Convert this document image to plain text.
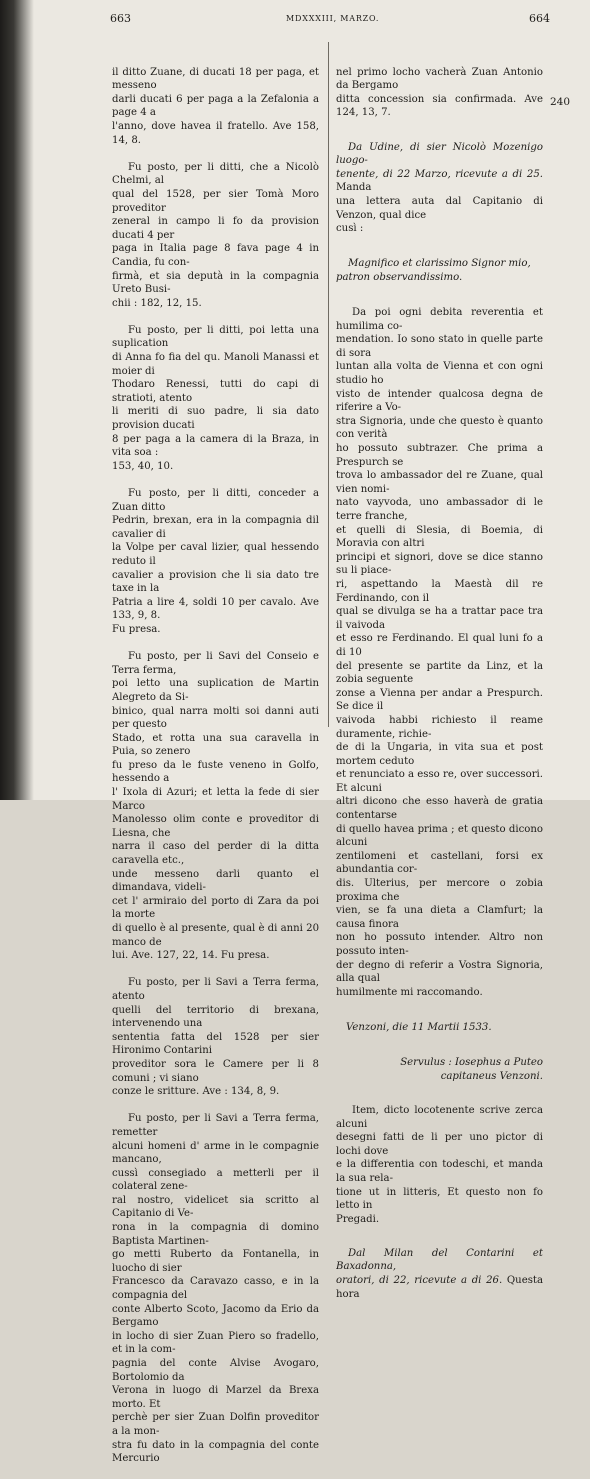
663	MDXXXIII, MARZO.	664
240

il ditto Zuane, di ducati 18 per paga, et messeno
darli ducati 6 per paga a la Zefalonia a page 4 a
l'anno, dove havea il fratello. Ave 158, 14, 8.

Fu posto, per li ditti, che a Nicolò Chelmi, al
qual del 1528, per sier Tomà Moro proveditor
zeneral in campo li fo da provision ducati 4 per
paga in Italia page 8 fava page 4 in Candia, fu con-
firmà, et sia deputà in la compagnia Ureto Busi-
chii : 182, 12, 15.

Fu posto, per li ditti, poi letta una suplication
di Anna fo fia del qu. Manoli Manassi et moier di
Thodaro Renessi, tutti do capi di stratioti, atento
li meriti di suo padre, li sia dato provision ducati
8 per paga a la camera di la Braza, in vita soa :
153, 40, 10.

Fu posto, per li ditti, conceder a Zuan ditto
Pedrin, brexan, era in la compagnia dil cavalier di
la Volpe per caval lizier, qual hessendo reduto il
cavalier a provision che li sia dato tre taxe in la
Patria a lire 4, soldi 10 per cavalo. Ave 133, 9, 8.
Fu presa.

Fu posto, per li Savi del Conseio e Terra ferma,
poi letto una suplication de Martin Alegreto da Si-
binico, qual narra molti soi danni auti per questo
Stado, et rotta una sua caravella in Puia, so zenero
fu preso da le fuste veneno in Golfo, hessendo a
l' Ixola di Azuri; et letta la fede di sier Marco
Manolesso olim conte e proveditor di Liesna, che
narra il caso del perder di la ditta caravella etc.,
unde messeno darli quanto el dimandava, videli-
cet l' armiraio del porto di Zara da poi la morte
di quello è al presente, qual è di anni 20 manco de
lui. Ave. 127, 22, 14. Fu presa.

Fu posto, per li Savi a Terra ferma, atento
quelli del territorio di brexana, intervenendo una
sententia fatta del 1528 per sier Hironimo Contarini
proveditor sora le Camere per li 8 comuni ; vi siano
conze le sritture. Ave : 134, 8, 9.

Fu posto, per li Savi a Terra ferma, remetter
alcuni homeni d' arme in le compagnie mancano,
cussì consegiado a metterli per il colateral zene-
ral nostro, videlicet sia scritto al Capitanio di Ve-
rona in la compagnia di domino Baptista Martinen-
go metti Ruberto da Fontanella, in luocho di sier
Francesco da Caravazo casso, e in la compagnia del
conte Alberto Scoto, Jacomo da Erio da Bergamo
in locho di sier Zuan Piero so fradello, et in la com-
pagnia del conte Alvise Avogaro, Bortolomio da
Verona in luogo di Marzel da Brexa morto. Et
perchè per sier Zuan Dolfin proveditor a la mon-
stra fu dato in la compagnia del conte Mercurio

nel primo locho vacherà Zuan Antonio da Bergamo
ditta concession sia confirmada. Ave 124, 13, 7.

Da Udine, di sier Nicolò Mozenigo luogo-
tenente, di 22 Marzo, ricevute a di 25. Manda
una lettera auta dal Capitanio di Venzon, qual dice
cusì :

Magnifico et clarissimo Signor mio,
patron observandissimo.

Da poi ogni debita reverentia et humilima co-
mendation. Io sono stato in quelle parte di sora
luntan alla volta de Vienna et con ogni studio ho
visto de intender qualcosa degna de riferire a Vo-
stra Signoria, unde che questo è quanto con verità
ho possuto subtrazer. Che prima a Prespurch se
trova lo ambassador del re Zuane, qual vien nomi-
nato vayvoda, uno ambassador di le terre franche,
et quelli di Slesia, di Boemia, di Moravia con altri
principi et signori, dove se dice stanno su li piace-
ri, aspettando la Maestà dil re Ferdinando, con il
qual se divulga se ha a trattar pace tra il vaivoda
et esso re Ferdinando. El qual luni fo a di 10
del presente se partite da Linz, et la zobia seguente
zonse a Vienna per andar a Prespurch. Se dice il
vaivoda habbi richiesto il reame duramente, richie-
de di la Ungaria, in vita sua et post mortem ceduto
et renunciato a esso re, over successori. Et alcuni
altri dicono che esso haverà de gratia contentarse
di quello havea prima ; et questo dicono alcuni
zentilomeni et castellani, forsi ex abundantia cor-
dis. Ulterius, per mercore o zobia proxima che
vien, se fa una dieta a Clamfurt; la causa finora
non ho possuto intender. Altro non possuto inten-
der degno di referir a Vostra Signoria, alla qual
humilmente mi raccomando.

Venzoni, die 11 Martii 1533.

Servulus : Iosephus a Puteo
capitaneus Venzoni.

Item, dicto locotenente scrive zerca alcuni
desegni fatti de li per uno pictor di lochi dove
e la differentia con todeschi, et manda la sua rela-
tione ut in litteris, Et questo non fo letto in
Pregadi.

Dal Milan del Contarini et Baxadonna,
oratori, di 22, ricevute a di 26. Questa hora
